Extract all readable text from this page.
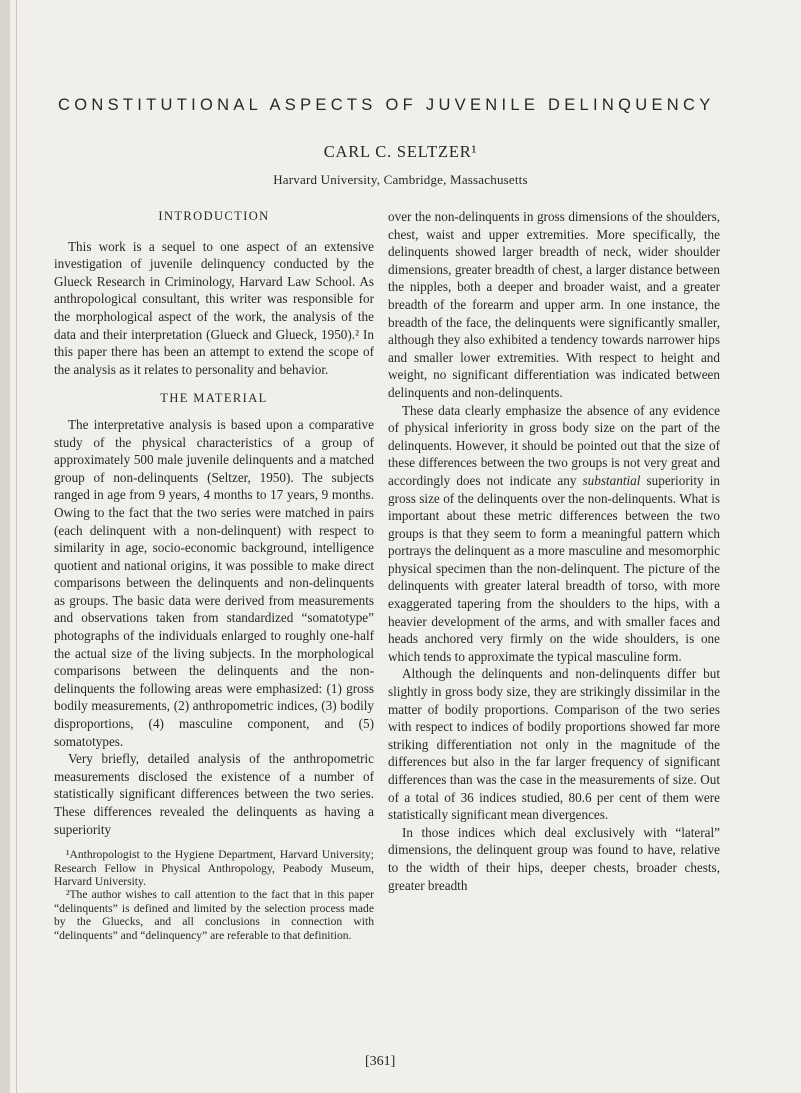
CONSTITUTIONAL ASPECTS OF JUVENILE DELINQUENCY
CARL C. SELTZER¹
Harvard University, Cambridge, Massachusetts
INTRODUCTION

This work is a sequel to one aspect of an extensive investigation of juvenile delinquency conducted by the Glueck Research in Criminology, Harvard Law School. As anthropological consultant, this writer was responsible for the morphological aspect of the work, the analysis of the data and their interpretation (Glueck and Glueck, 1950).² In this paper there has been an attempt to extend the scope of the analysis as it relates to personality and behavior.

THE MATERIAL

The interpretative analysis is based upon a comparative study of the physical characteristics of a group of approximately 500 male juvenile delinquents and a matched group of non-delinquents (Seltzer, 1950). The subjects ranged in age from 9 years, 4 months to 17 years, 9 months. Owing to the fact that the two series were matched in pairs (each delinquent with a non-delinquent) with respect to similarity in age, socio-economic background, intelligence quotient and national origins, it was possible to make direct comparisons between the delinquents and non-delinquents as groups. The basic data were derived from measurements and observations taken from standardized “somatotype” photographs of the individuals enlarged to roughly one-half the actual size of the living subjects. In the morphological comparisons between the delinquents and the non-delinquents the following areas were emphasized: (1) gross bodily measurements, (2) anthropometric indices, (3) bodily disproportions, (4) masculine component, and (5) somatotypes.

Very briefly, detailed analysis of the anthropometric measurements disclosed the existence of a number of statistically significant differences between the two series. These differences revealed the delinquents as having a superiority

¹Anthropologist to the Hygiene Department, Harvard University; Research Fellow in Physical Anthropology, Peabody Museum, Harvard University.

²The author wishes to call attention to the fact that in this paper “delinquents” is defined and limited by the selection process made by the Gluecks, and all conclusions in connection with “delinquents” and “delinquency” are referable to that definition.

over the non-delinquents in gross dimensions of the shoulders, chest, waist and upper extremities. More specifically, the delinquents showed larger breadth of neck, wider shoulder dimensions, greater breadth of chest, a larger distance between the nipples, both a deeper and broader waist, and a greater breadth of the forearm and upper arm. In one instance, the breadth of the face, the delinquents were significantly smaller, although they also exhibited a tendency towards narrower hips and smaller lower extremities. With respect to height and weight, no significant differentiation was indicated between delinquents and non-delinquents.

These data clearly emphasize the absence of any evidence of physical inferiority in gross body size on the part of the delinquents. However, it should be pointed out that the size of these differences between the two groups is not very great and accordingly does not indicate any substantial superiority in gross size of the delinquents over the non-delinquents. What is important about these metric differences between the two groups is that they seem to form a meaningful pattern which portrays the delinquent as a more masculine and mesomorphic physical specimen than the non-delinquent. The picture of the delinquents with greater lateral breadth of torso, with more exaggerated tapering from the shoulders to the hips, with a heavier development of the arms, and with smaller faces and heads anchored very firmly on the wide shoulders, is one which tends to approximate the typical masculine form.

Although the delinquents and non-delinquents differ but slightly in gross body size, they are strikingly dissimilar in the matter of bodily proportions. Comparison of the two series with respect to indices of bodily proportions showed far more striking differentiation not only in the magnitude of the differences but also in the far larger frequency of significant differences than was the case in the measurements of size. Out of a total of 36 indices studied, 80.6 per cent of them were statistically significant mean divergences.

In those indices which deal exclusively with “lateral” dimensions, the delinquent group was found to have, relative to the width of their hips, deeper chests, broader chests, greater breadth

[361]
